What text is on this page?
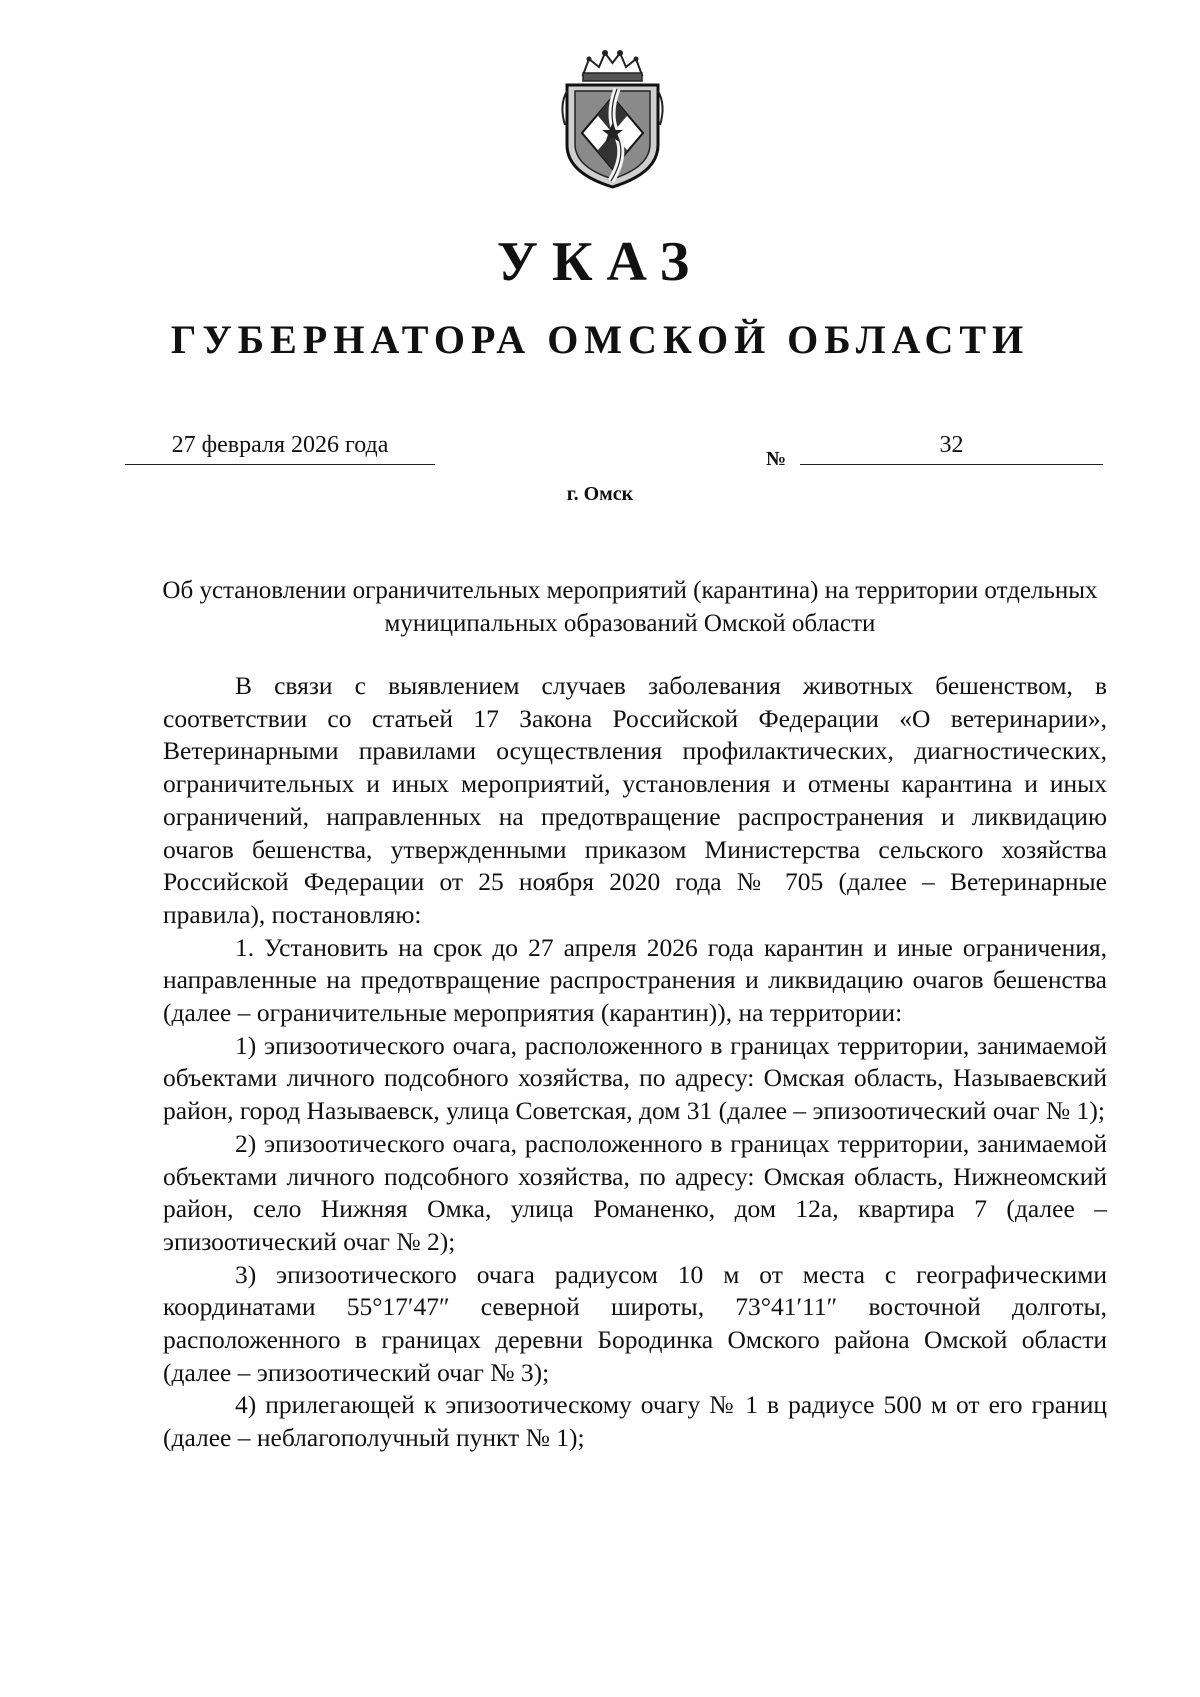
УКАЗ
ГУБЕРНАТОРА ОМСКОЙ ОБЛАСТИ
27 февраля 2026 года
№
32
г. Омск
Об установлении ограничительных мероприятий (карантина) на территории отдельных муниципальных образований Омской области

В связи с выявлением случаев заболевания животных бешенством, в соответствии со статьей 17 Закона Российской Федерации «О ветеринарии», Ветеринарными правилами осуществления профилактических, диагностических, ограничительных и иных мероприятий, установления и отмены карантина и иных ограничений, направленных на предотвращение распространения и ликвидацию очагов бешенства, утвержденными приказом Министерства сельского хозяйства Российской Федерации от 25 ноября 2020 года № 705 (далее – Ветеринарные правила), постановляю:

1. Установить на срок до 27 апреля 2026 года карантин и иные ограничения, направленные на предотвращение распространения и ликвидацию очагов бешенства (далее – ограничительные мероприятия (карантин)), на территории:

1) эпизоотического очага, расположенного в границах территории, занимаемой объектами личного подсобного хозяйства, по адресу: Омская область, Называевский район, город Называевск, улица Советская, дом 31 (далее – эпизоотический очаг № 1);

2) эпизоотического очага, расположенного в границах территории, занимаемой объектами личного подсобного хозяйства, по адресу: Омская область, Нижнеомский район, село Нижняя Омка, улица Романенко, дом 12а, квартира 7 (далее – эпизоотический очаг № 2);

3) эпизоотического очага радиусом 10 м от места с географическими координатами 55°17′47″ северной широты, 73°41′11″ восточной долготы, расположенного в границах деревни Бородинка Омского района Омской области (далее – эпизоотический очаг № 3);

4) прилегающей к эпизоотическому очагу № 1 в радиусе 500 м от его границ (далее – неблагополучный пункт № 1);
